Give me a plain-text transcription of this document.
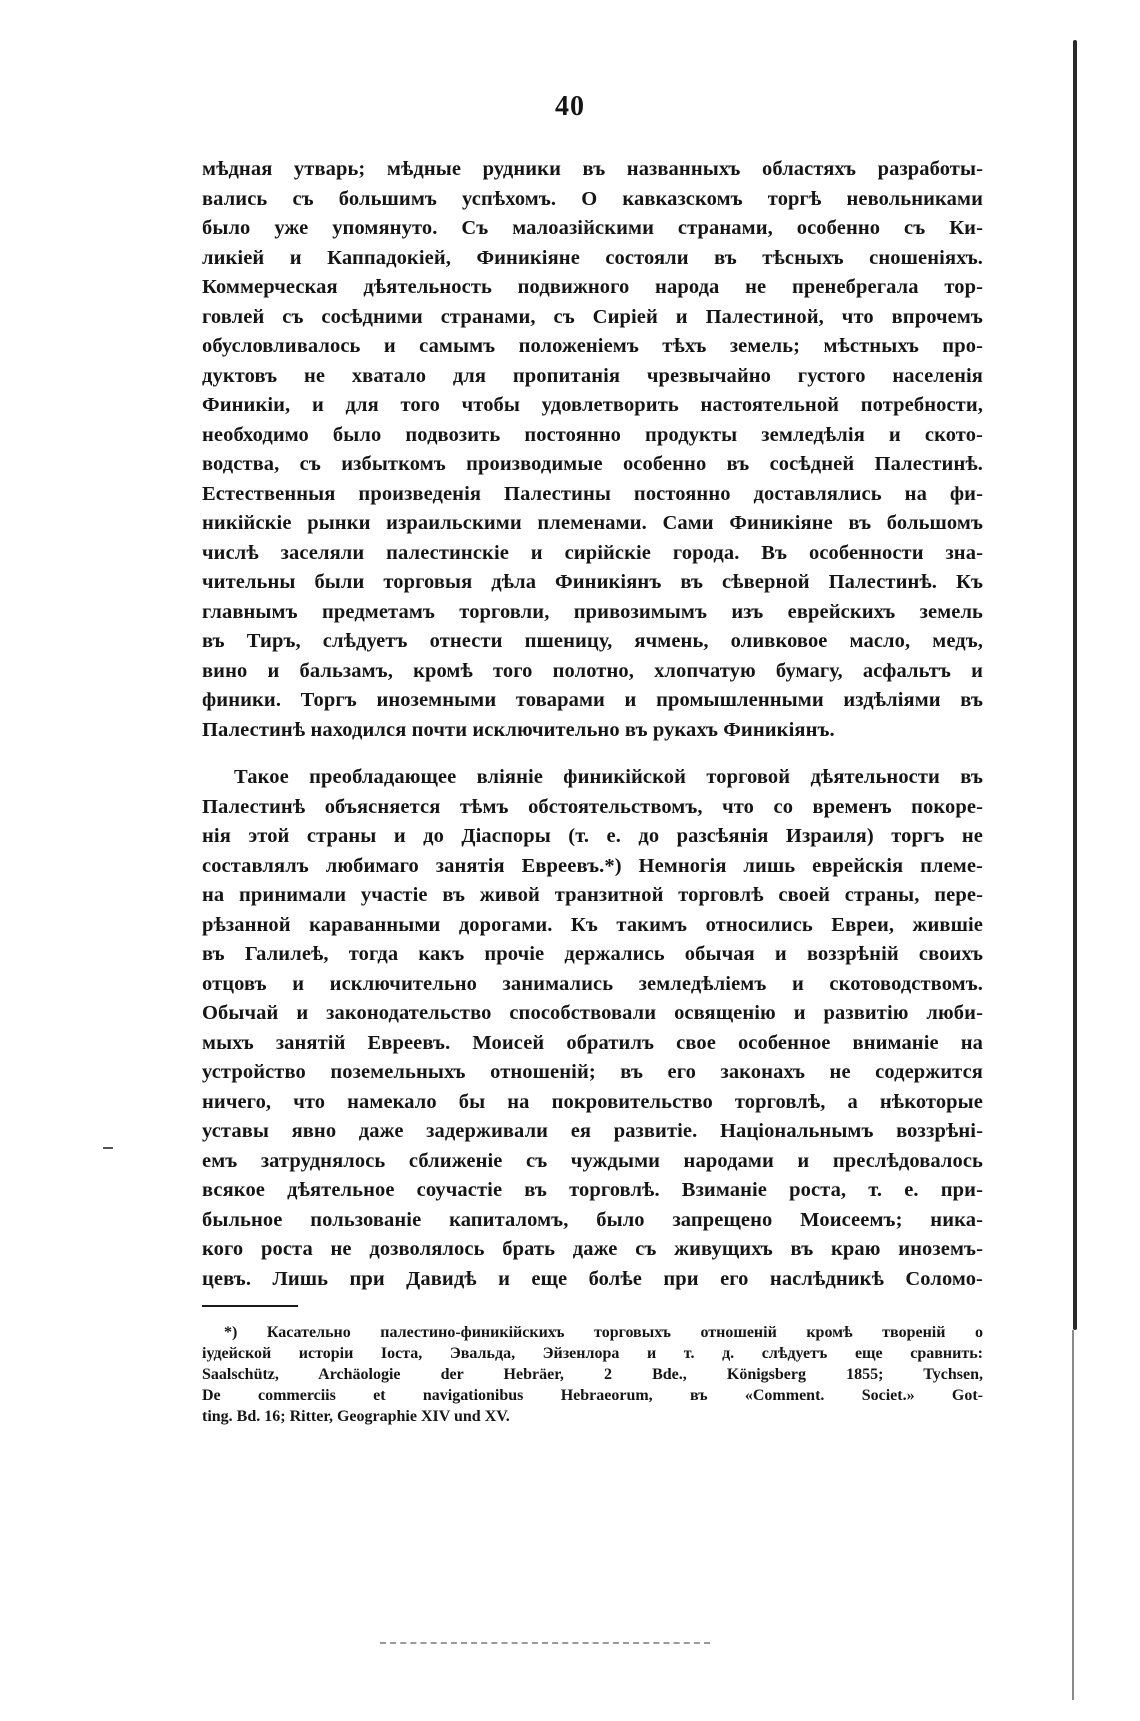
40
мѣдная утварь; мѣдные рудники въ названныхъ областяхъ разработы-
вались съ большимъ успѣхомъ. О кавказскомъ торгѣ невольниками
было уже упомянуто. Съ малоазійскими странами, особенно съ Ки-
ликіей и Каппадокіей, Финикіяне состояли въ тѣсныхъ сношеніяхъ.
Коммерческая дѣятельность подвижного народа не пренебрегала тор-
говлей съ сосѣдними странами, съ Сиріей и Палестиной, что впрочемъ
обусловливалось и самымъ положеніемъ тѣхъ земель; мѣстныхъ про-
дуктовъ не хватало для пропитанія чрезвычайно густого населенія
Финикіи, и для того чтобы удовлетворить настоятельной потребности,
необходимо было подвозить постоянно продукты земледѣлія и ското-
водства, съ избыткомъ производимые особенно въ сосѣдней Палестинѣ.
Естественныя произведенія Палестины постоянно доставлялись на фи-
никійскіе рынки израильскими племенами. Сами Финикіяне въ большомъ
числѣ заселяли палестинскіе и сирійскіе города. Въ особенности зна-
чительны были торговыя дѣла Финикіянъ въ сѣверной Палестинѣ. Къ
главнымъ предметамъ торговли, привозимымъ изъ еврейскихъ земель
въ Тиръ, слѣдуетъ отнести пшеницу, ячмень, оливковое масло, медъ,
вино и бальзамъ, кромѣ того полотно, хлопчатую бумагу, асфальтъ и
финики. Торгъ иноземными товарами и промышленными издѣліями въ
Палестинѣ находился почти исключительно въ рукахъ Финикіянъ.
Такое преобладающее вліяніе финикійской торговой дѣятельности въ
Палестинѣ объясняется тѣмъ обстоятельствомъ, что со временъ покоре-
нія этой страны и до Діаспоры (т. е. до разсѣянія Израиля) торгъ не
составлялъ любимаго занятія Евреевъ.*) Немногія лишь еврейскія племе-
на принимали участіе въ живой транзитной торговлѣ своей страны, пере-
рѣзанной караванными дорогами. Къ такимъ относились Евреи, жившіе
въ Галилеѣ, тогда какъ прочіе держались обычая и воззрѣній своихъ
отцовъ и исключительно занимались земледѣліемъ и скотоводствомъ.
Обычай и законодательство способствовали освященію и развитію люби-
мыхъ занятій Евреевъ. Моисей обратилъ свое особенное вниманіе на
устройство поземельныхъ отношеній; въ его законахъ не содержится
ничего, что намекало бы на покровительство торговлѣ, а нѣкоторые
уставы явно даже задерживали ея развитіе. Національнымъ воззрѣні-
емъ затруднялось сближеніе съ чуждыми народами и преслѣдовалось
всякое дѣятельное соучастіе въ торговлѣ. Взиманіе роста, т. е. при-
быльное пользованіе капиталомъ, было запрещено Моисеемъ; ника-
кого роста не дозволялось брать даже съ живущихъ въ краю иноземъ-
цевъ. Лишь при Давидѣ и еще болѣе при его наслѣдникѣ Соломо-
*) Касательно палестино-финикійскихъ торговыхъ отношеній кромѣ твореній о
іудейской исторіи Іоста, Эвальда, Эйзенлора и т. д. слѣдуетъ еще сравнить:
Saalschütz, Archäologie der Hebräer, 2 Bde., Königsberg 1855; Tychsen,
De commerciis et navigationibus Hebraeorum, въ «Comment. Societ.» Got-
ting. Bd. 16; Ritter, Geographie XIV und XV.
